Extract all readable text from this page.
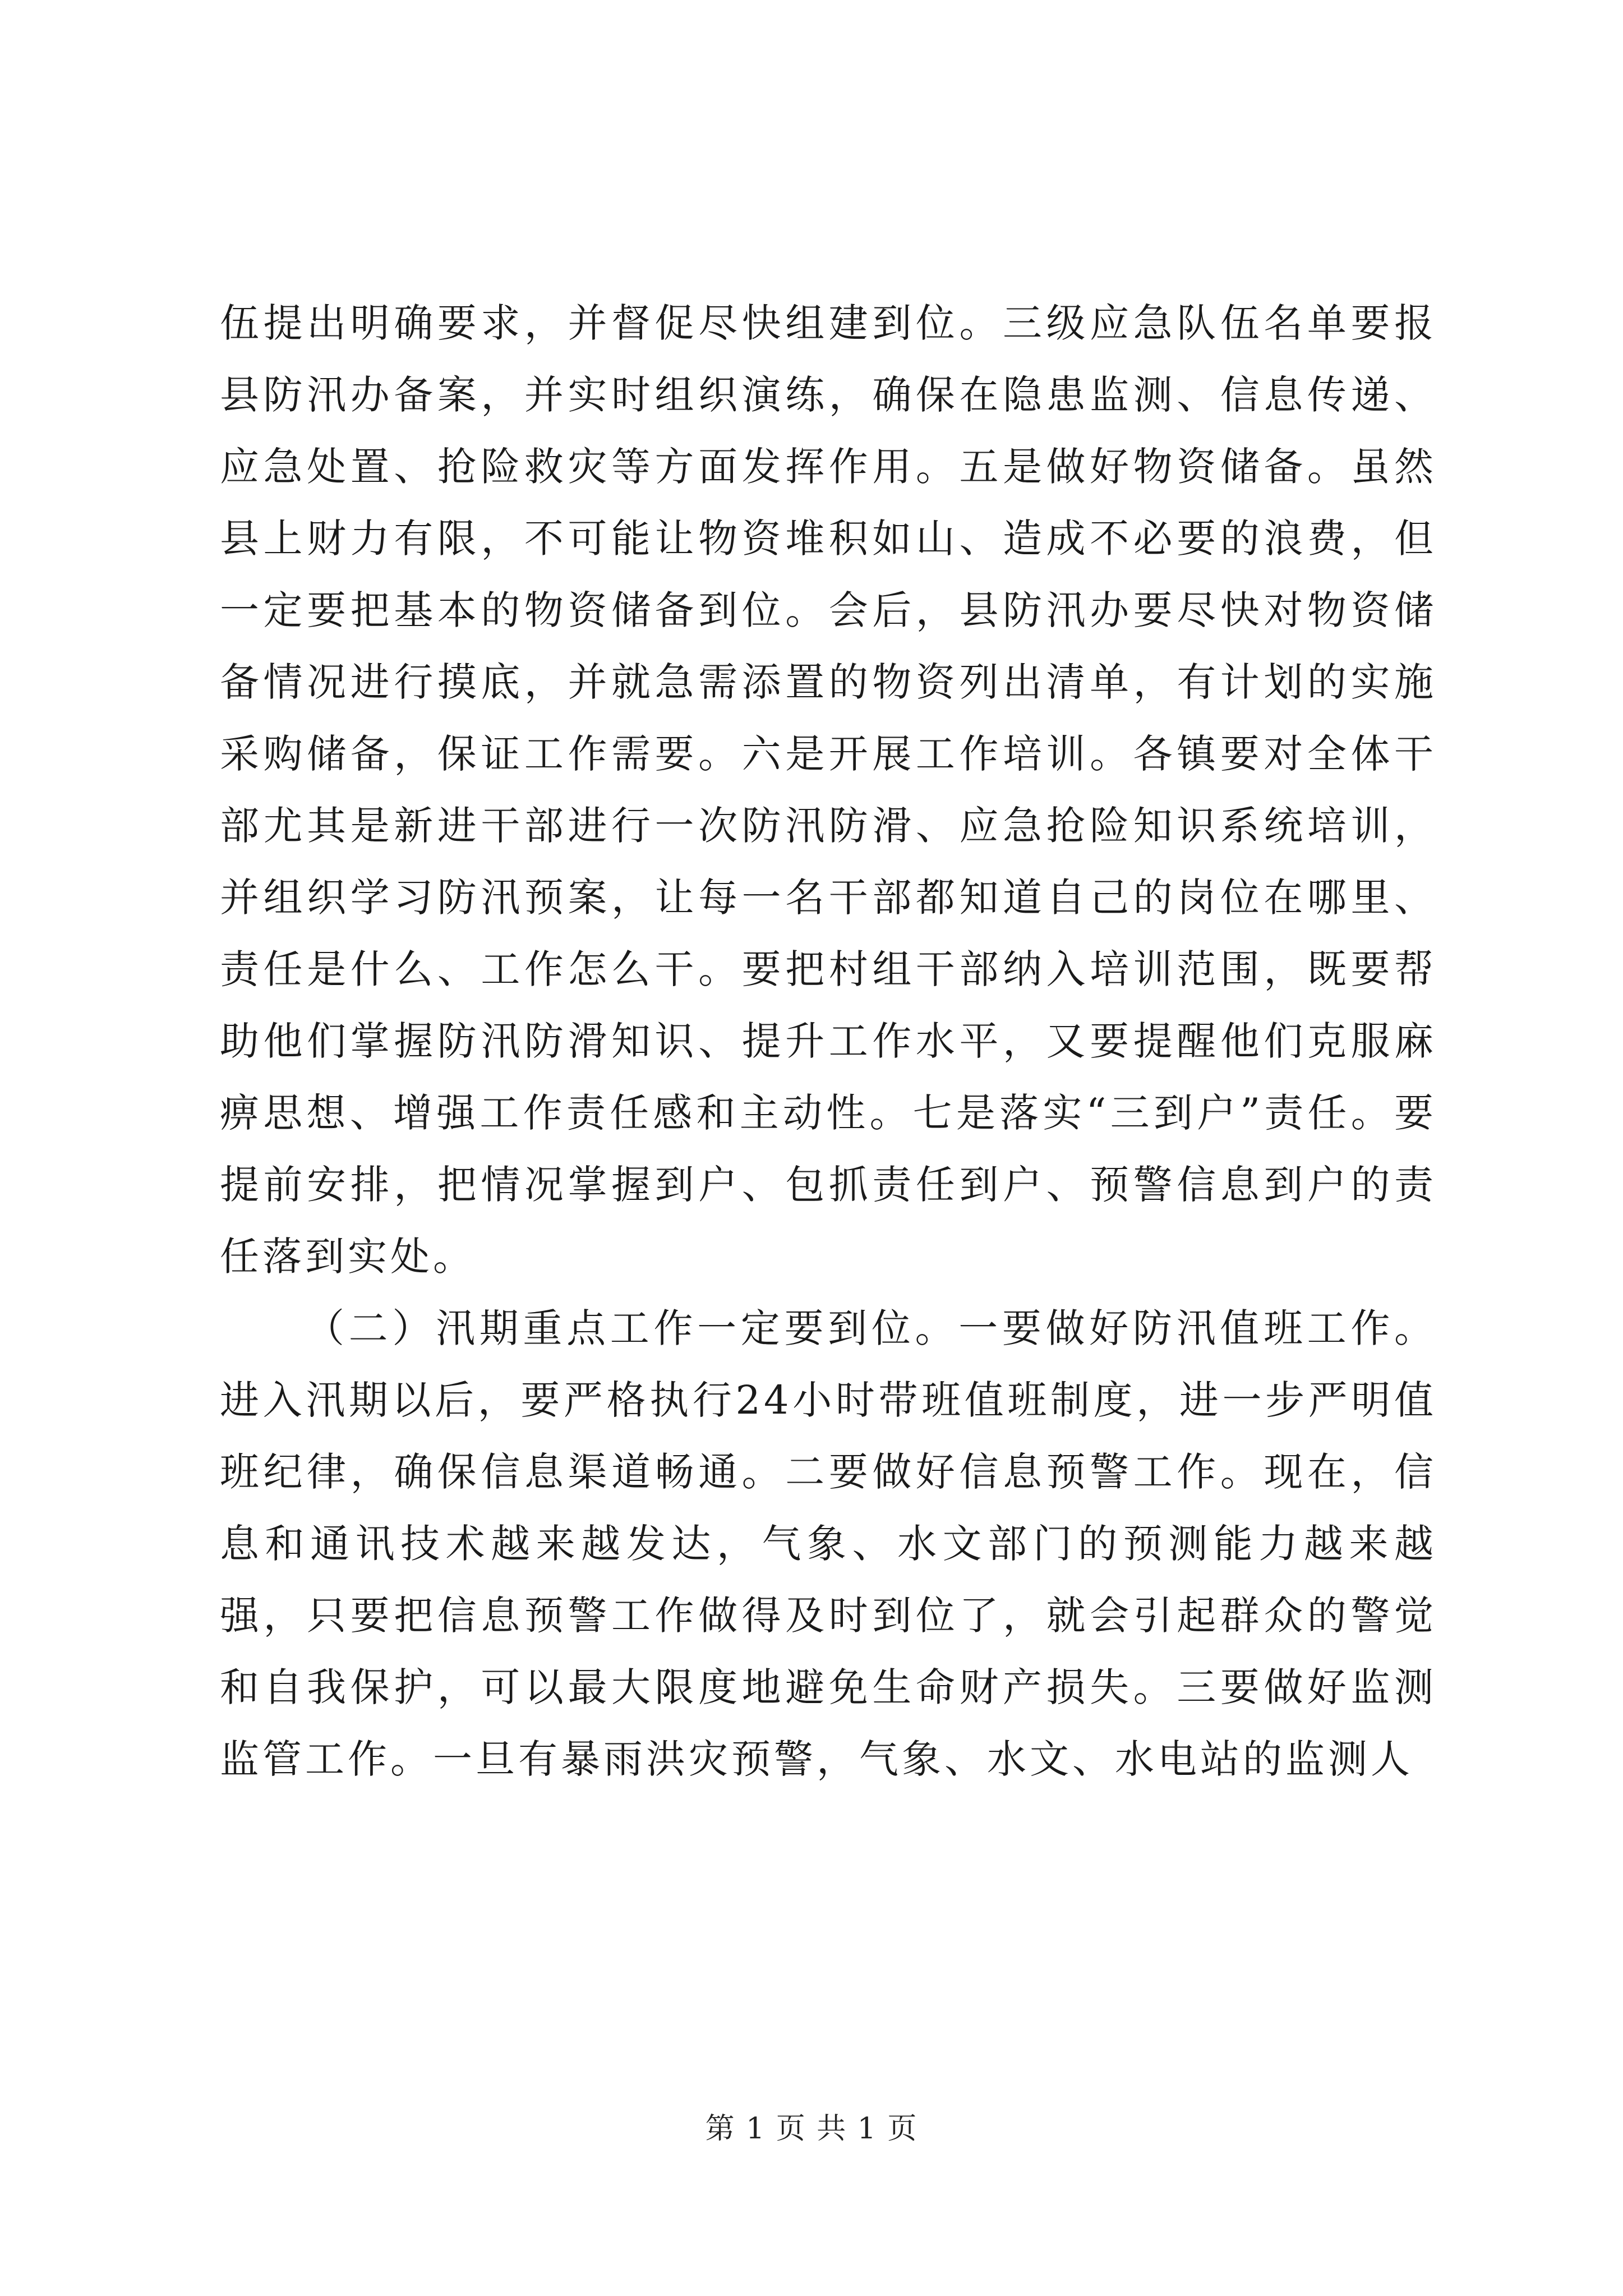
伍提出明确要求，并督促尽快组建到位。三级应急队伍名单要报县防汛办备案，并实时组织演练，确保在隐患监测、信息传递、应急处置、抢险救灾等方面发挥作用。五是做好物资储备。虽然县上财力有限，不可能让物资堆积如山、造成不必要的浪费，但一定要把基本的物资储备到位。会后，县防汛办要尽快对物资储备情况进行摸底，并就急需添置的物资列出清单，有计划的实施采购储备，保证工作需要。六是开展工作培训。各镇要对全体干部尤其是新进干部进行一次防汛防滑、应急抢险知识系统培训，并组织学习防汛预案，让每一名干部都知道自己的岗位在哪里、责任是什么、工作怎么干。要把村组干部纳入培训范围，既要帮助他们掌握防汛防滑知识、提升工作水平，又要提醒他们克服麻痹思想、增强工作责任感和主动性。七是落实“三到户”责任。要提前安排，把情况掌握到户、包抓责任到户、预警信息到户的责任落到实处。

（二）汛期重点工作一定要到位。一要做好防汛值班工作。进入汛期以后，要严格执行24小时带班值班制度，进一步严明值班纪律，确保信息渠道畅通。二要做好信息预警工作。现在，信息和通讯技术越来越发达，气象、水文部门的预测能力越来越强，只要把信息预警工作做得及时到位了，就会引起群众的警觉和自我保护，可以最大限度地避免生命财产损失。三要做好监测监管工作。一旦有暴雨洪灾预警，气象、水文、水电站的监测人

第 1 页 共 1 页
